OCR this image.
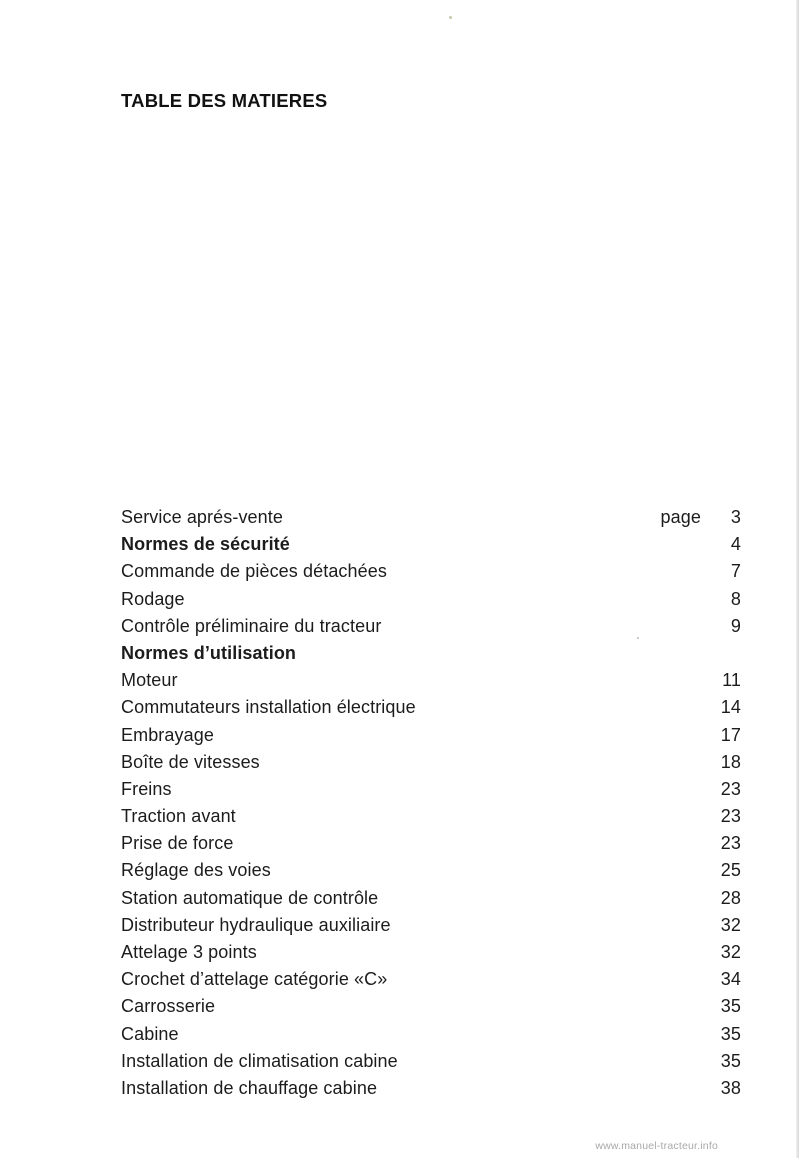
TABLE DES MATIERES
Service aprés-vente	page	3
Normes de sécurité	4
Commande de pièces détachées	7
Rodage	8
Contrôle préliminaire du tracteur	9
Normes d’utilisation
Moteur	11
Commutateurs installation électrique	14
Embrayage	17
Boîte de vitesses	18
Freins	23
Traction avant	23
Prise de force	23
Réglage des voies	25
Station automatique de contrôle	28
Distributeur hydraulique auxiliaire	32
Attelage 3 points	32
Crochet d’attelage catégorie «C»	34
Carrosserie	35
Cabine	35
Installation de climatisation cabine	35
Installation de chauffage cabine	38
www.manuel-tracteur.info
